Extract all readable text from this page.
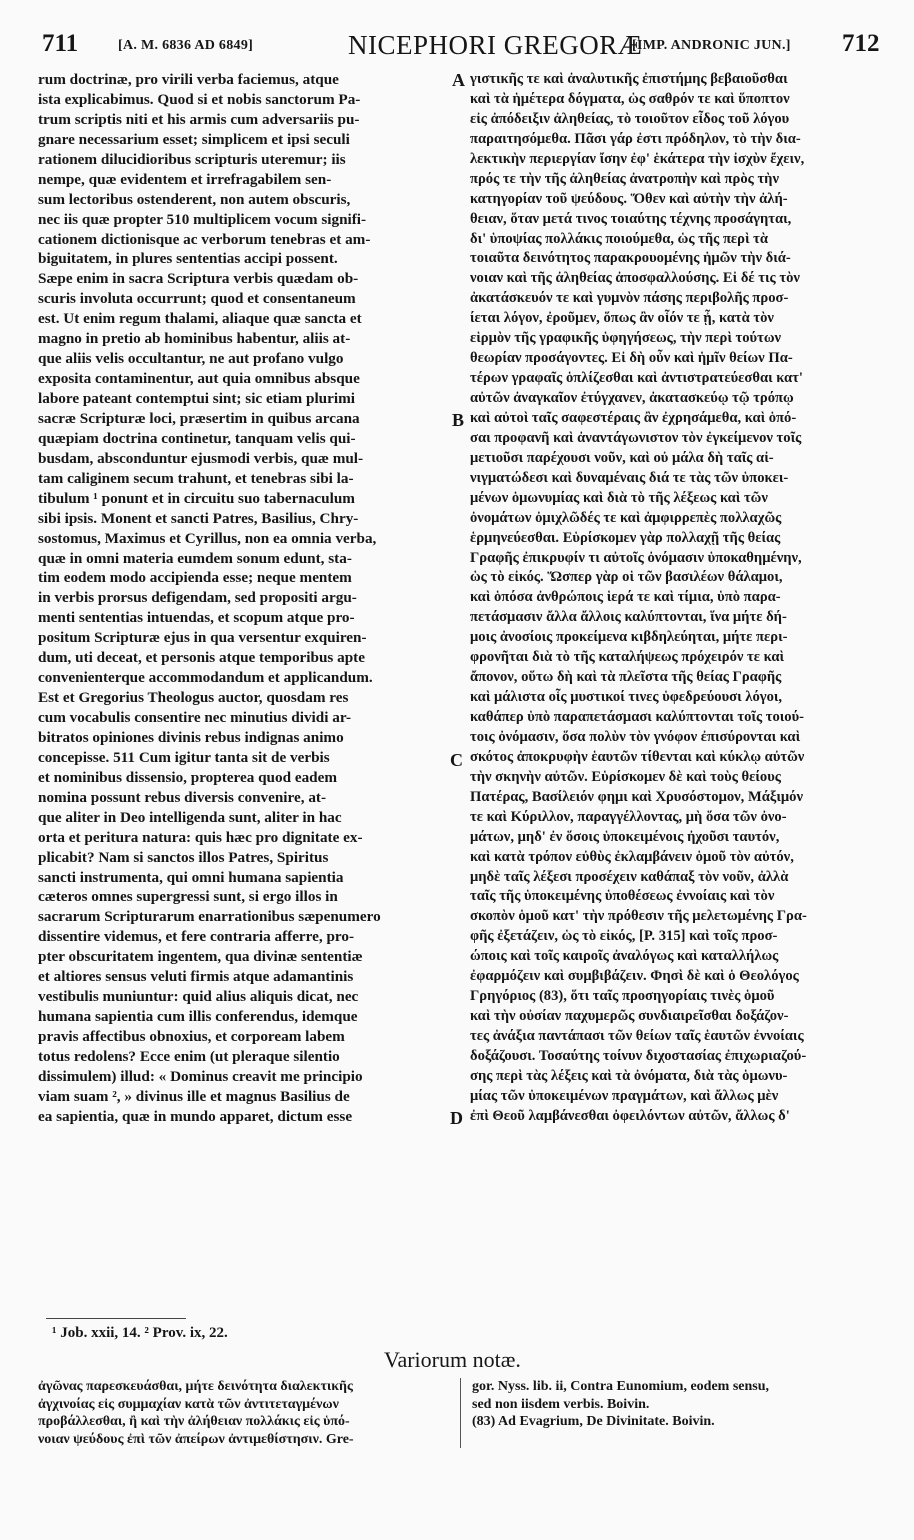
711	[A. M. 6836 AD 6849]	NICEPHORI GREGORÆ
[IMP. ANDRONIC JUN.] 712
rum doctrinæ, pro virili verba faciemus, atque
ista explicabimus. Quod si et nobis sanctorum Pa-
trum scriptis niti et his armis cum adversariis pu-
gnare necessarium esset; simplicem et ipsi seculi
rationem dilucidioribus scripturis uteremur; iis
nempe, quæ evidentem et irrefragabilem sen-
sum lectoribus ostenderent, non autem obscuris,
nec iis quæ propter 510 multiplicem vocum signifi-
cationem dictionisque ac verborum tenebras et am-
biguitatem, in plures sententias accipi possent.
Sæpe enim in sacra Scriptura verbis quædam ob-
scuris involuta occurrunt; quod et consentaneum
est. Ut enim regum thalami, aliaque quæ sancta et
magno in pretio ab hominibus habentur, aliis at-
que aliis velis occultantur, ne aut profano vulgo
exposita contaminentur, aut quia omnibus absque
labore pateant contemptui sint; sic etiam plurimi
sacræ Scripturæ loci, præsertim in quibus arcana
quæpiam doctrina continetur, tanquam velis qui-
busdam, absconduntur ejusmodi verbis, quæ mul-
tam caliginem secum trahunt, et tenebras sibi la-
tibulum ¹ ponunt et in circuitu suo tabernaculum
sibi ipsis. Monent et sancti Patres, Basilius, Chry-
sostomus, Maximus et Cyrillus, non ea omnia verba,
quæ in omni materia eumdem sonum edunt, sta-
tim eodem modo accipienda esse; neque mentem
in verbis prorsus defigendam, sed propositi argu-
menti sententias intuendas, et scopum atque pro-
positum Scripturæ ejus in qua versentur exquiren-
dum, uti deceat, et personis atque temporibus apte
convenienterque accommodandum et applicandum.
Est et Gregorius Theologus auctor, quosdam res
cum vocabulis consentire nec minutius dividi ar-
bitratos opiniones divinis rebus indignas animo
concepisse. 511 Cum igitur tanta sit de verbis
et nominibus dissensio, propterea quod eadem
nomina possunt rebus diversis convenire, at-
que aliter in Deo intelligenda sunt, aliter in hac
orta et peritura natura: quis hæc pro dignitate ex-
plicabit? Nam si sanctos illos Patres, Spiritus
sancti instrumenta, qui omni humana sapientia
cæteros omnes supergressi sunt, si ergo illos in
sacrarum Scripturarum enarrationibus sæpenumero
dissentire videmus, et fere contraria afferre, pro-
pter obscuritatem ingentem, qua divinæ sententiæ
et altiores sensus veluti firmis atque adamantinis
vestibulis muniuntur: quid alius aliquis dicat, nec
humana sapientia cum illis conferendus, idemque
pravis affectibus obnoxius, et corpoream labem
totus redolens? Ecce enim (ut pleraque silentio
dissimulem) illud: « Dominus creavit me principio
viam suam ², » divinus ille et magnus Basilius de
ea sapientia, quæ in mundo apparet, dictum esse
γιστικῆς τε καὶ ἀναλυτικῆς ἐπιστήμης βεβαιοῦσθαι
καὶ τὰ ἡμέτερα δόγματα, ὡς σαθρόν τε καὶ ὕποπτον
εἰς ἀπόδειξιν ἀληθείας, τὸ τοιοῦτον εἶδος τοῦ λόγου
παραιτησόμεθα. Πᾶσι γάρ ἐστι πρόδηλον, τὸ τὴν δια-
λεκτικὴν περιεργίαν ἴσην ἐφ' ἑκάτερα τὴν ἰσχὺν ἔχειν,
πρός τε τὴν τῆς ἀληθείας ἀνατροπὴν καὶ πρὸς τὴν
κατηγορίαν τοῦ ψεύδους. Ὅθεν καὶ αὐτὴν τὴν ἀλή-
θειαν, ὅταν μετά τινος τοιαύτης τέχνης προσάγηται,
δι' ὑποψίας πολλάκις ποιούμεθα, ὡς τῆς περὶ τὰ
τοιαῦτα δεινότητος παρακρουομένης ἡμῶν τὴν διά-
νοιαν καὶ τῆς ἀληθείας ἀποσφαλλούσης. Εἰ δέ τις τὸν
ἀκατάσκευόν τε καὶ γυμνὸν πάσης περιβολῆς προσ-
ίεται λόγον, ἐροῦμεν, ὅπως ἂν οἷόν τε ᾖ, κατὰ τὸν
εἱρμὸν τῆς γραφικῆς ὑφηγήσεως, τὴν περὶ τούτων
θεωρίαν προσάγοντες. Εἰ δὴ οὖν καὶ ἡμῖν θείων Πα-
τέρων γραφαῖς ὁπλίζεσθαι καὶ ἀντιστρατεύεσθαι κατ'
αὐτῶν ἀναγκαῖον ἐτύγχανεν, ἀκατασκεύῳ τῷ τρόπῳ
καὶ αὐτοὶ ταῖς σαφεστέραις ἂν ἐχρησάμεθα, καὶ ὁπό-
σαι προφανῆ καὶ ἀναντάγωνιστον τὸν ἐγκείμενον τοῖς
μετιοῦσι παρέχουσι νοῦν, καὶ οὐ μάλα δὴ ταῖς αἰ-
νιγματώδεσι καὶ δυναμέναις διά τε τὰς τῶν ὑποκει-
μένων ὁμωνυμίας καὶ διὰ τὸ τῆς λέξεως καὶ τῶν
ὀνομάτων ὀμιχλῶδές τε καὶ ἀμφιρρεπὲς πολλαχῶς
ἑρμηνεύεσθαι. Εὑρίσκομεν γὰρ πολλαχῇ τῆς θείας
Γραφῆς ἐπικρυφίν τι αὐτοῖς ὀνόμασιν ὑποκαθημένην,
ὡς τὸ εἰκός. Ὥσπερ γὰρ οἱ τῶν βασιλέων θάλαμοι,
καὶ ὁπόσα ἀνθρώποις ἱερά τε καὶ τίμια, ὑπὸ παρα-
πετάσμασιν ἄλλα ἄλλοις καλύπτονται, ἵνα μήτε δή-
μοις ἀνοσίοις προκείμενα κιβδηλεύηται, μήτε περι-
φρονῆται διὰ τὸ τῆς καταλήψεως πρόχειρόν τε καὶ
ἄπονον, οὕτω δὴ καὶ τὰ πλεῖστα τῆς θείας Γραφῆς
καὶ μάλιστα οἷς μυστικοί τινες ὑφεδρεύουσι λόγοι,
καθάπερ ὑπὸ παραπετάσμασι καλύπτονται τοῖς τοιού-
τοις ὀνόμασιν, ὅσα πολὺν τὸν γνόφον ἐπισύρονται καὶ
σκότος ἀποκρυφὴν ἑαυτῶν τίθενται καὶ κύκλῳ αὐτῶν
τὴν σκηνὴν αὐτῶν. Εὑρίσκομεν δὲ καὶ τοὺς θείους
Πατέρας, Βασίλειόν φημι καὶ Χρυσόστομον, Μάξιμόν
τε καὶ Κύριλλον, παραγγέλλοντας, μὴ ὅσα τῶν ὀνο-
μάτων, μηδ' ἐν ὅσοις ὑποκειμένοις ἠχοῦσι ταυτόν,
καὶ κατὰ τρόπον εὐθὺς ἐκλαμβάνειν ὁμοῦ τὸν αὐτόν,
μηδὲ ταῖς λέξεσι προσέχειν καθάπαξ τὸν νοῦν, ἀλλὰ
ταῖς τῆς ὑποκειμένης ὑποθέσεως ἐννοίαις καὶ τὸν
σκοπὸν ὁμοῦ κατ' τὴν πρόθεσιν τῆς μελετωμένης Γρα-
φῆς ἐξετάζειν, ὡς τὸ εἰκός, [P. 315] καὶ τοῖς προσ-
ώποις καὶ τοῖς καιροῖς ἀναλόγως καὶ καταλλήλως
ἐφαρμόζειν καὶ συμβιβάζειν. Φησὶ δὲ καὶ ὁ Θεολόγος
Γρηγόριος (83), ὅτι ταῖς προσηγορίαις τινὲς ὁμοῦ
καὶ τὴν οὐσίαν παχυμερῶς συνδιαιρεῖσθαι δοξάζον-
τες ἀνάξια παντάπασι τῶν θείων ταῖς ἑαυτῶν ἐννοίαις
δοξάζουσι. Τοσαύτης τοίνυν διχοστασίας ἐπιχωριαζού-
σης περὶ τὰς λέξεις καὶ τὰ ὀνόματα, διὰ τὰς ὁμωνυ-
μίας τῶν ὑποκειμένων πραγμάτων, καὶ ἄλλως μὲν
ἐπὶ Θεοῦ λαμβάνεσθαι ὀφειλόντων αὐτῶν, ἄλλως δ'
A
B
C
D
¹ Job. xxii, 14. ² Prov. ix, 22.
Variorum notæ.
ἀγῶνας παρεσκευάσθαι, μήτε δεινότητα διαλεκτικῆς
ἀγχινοίας εἰς συμμαχίαν κατὰ τῶν ἀντιτεταγμένων
προβάλλεσθαι, ἢ καὶ τὴν ἀλήθειαν πολλάκις εἰς ὑπό-
νοιαν ψεύδους ἐπὶ τῶν ἀπείρων ἀντιμεθίστησιν. Gre-
gor. Nyss. lib. ii, Contra Eunomium, eodem sensu,
sed non iisdem verbis. Boivin.
(83) Ad Evagrium, De Divinitate. Boivin.
